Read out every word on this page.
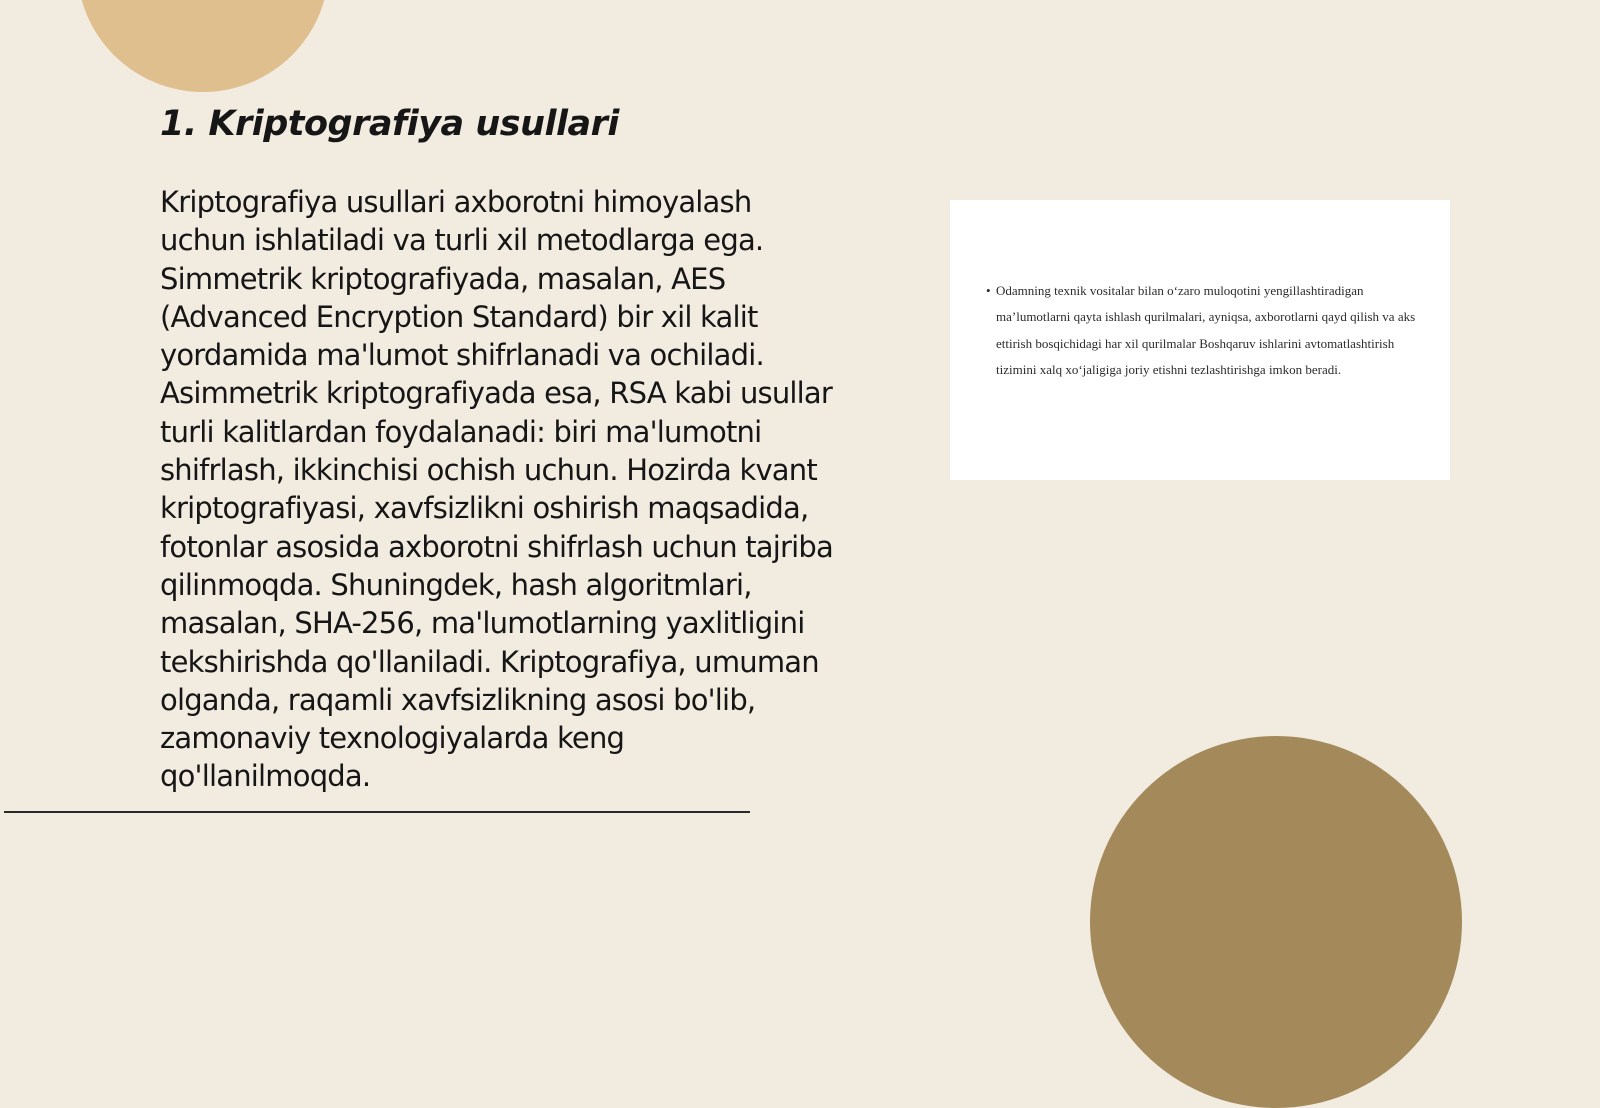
1. Kriptografiya usullari

Kriptografiya usullari axborotni himoyalash uchun ishlatiladi va turli xil metodlarga ega. Simmetrik kriptografiyada, masalan, AES (Advanced Encryption Standard) bir xil kalit yordamida ma'lumot shifrlanadi va ochiladi. Asimmetrik kriptografiyada esa, RSA kabi usullar turli kalitlardan foydalanadi: biri ma'lumotni shifrlash, ikkinchisi ochish uchun. Hozirda kvant kriptografiyasi, xavfsizlikni oshirish maqsadida, fotonlar asosida axborotni shifrlash uchun tajriba qilinmoqda. Shuningdek, hash algoritmlari, masalan, SHA-256, ma'lumotlarning yaxlitligini tekshirishda qo'llaniladi. Kriptografiya, umuman olganda, raqamli xavfsizlikning asosi bo'lib, zamonaviy texnologiyalarda keng qo'llanilmoqda.

• Odamning texnik vositalar bilan oʻzaro muloqotini yengillashtiradigan maʼlumotlarni qayta ishlash qurilmalari, ayniqsa, axborotlarni qayd qilish va aks ettirish bosqichidagi har xil qurilmalar Boshqaruv ishlarini avtomatlashtirish tizimini xalq xoʻjaligiga joriy etishni tezlashtirishga imkon beradi.
